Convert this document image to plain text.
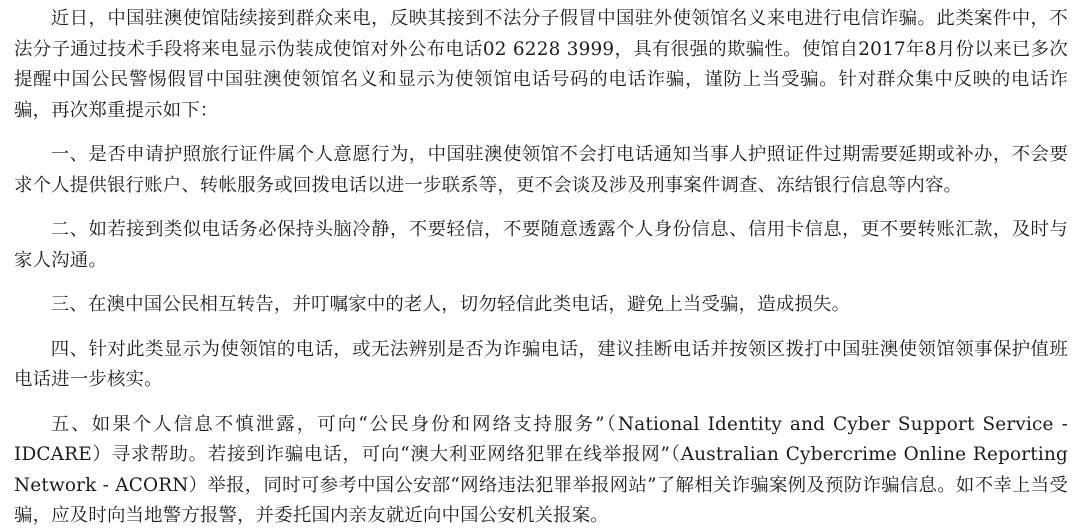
近日，中国驻澳使馆陆续接到群众来电，反映其接到不法分子假冒中国驻外使领馆名义来电进行电信诈骗。此类案件中，不法分子通过技术手段将来电显示伪装成使馆对外公布电话02 6228 3999，具有很强的欺骗性。使馆自2017年8月份以来已多次提醒中国公民警惕假冒中国驻澳使领馆名义和显示为使领馆电话号码的电话诈骗，谨防上当受骗。针对群众集中反映的电话诈骗，再次郑重提示如下：

一、是否申请护照旅行证件属个人意愿行为，中国驻澳使领馆不会打电话通知当事人护照证件过期需要延期或补办，不会要求个人提供银行账户、转帐服务或回拨电话以进一步联系等，更不会谈及涉及刑事案件调查、冻结银行信息等内容。

二、如若接到类似电话务必保持头脑冷静，不要轻信，不要随意透露个人身份信息、信用卡信息，更不要转账汇款，及时与家人沟通。

三、在澳中国公民相互转告，并叮嘱家中的老人，切勿轻信此类电话，避免上当受骗，造成损失。

四、针对此类显示为使领馆的电话，或无法辨别是否为诈骗电话，建议挂断电话并按领区拨打中国驻澳使领馆领事保护值班电话进一步核实。

五、如果个人信息不慎泄露，可向“公民身份和网络支持服务”（National Identity and Cyber Support Service - IDCARE）寻求帮助。若接到诈骗电话，可向“澳大利亚网络犯罪在线举报网”（Australian Cybercrime Online Reporting Network - ACORN）举报，同时可参考中国公安部“网络违法犯罪举报网站”了解相关诈骗案例及预防诈骗信息。如不幸上当受骗，应及时向当地警方报警，并委托国内亲友就近向中国公安机关报案。
